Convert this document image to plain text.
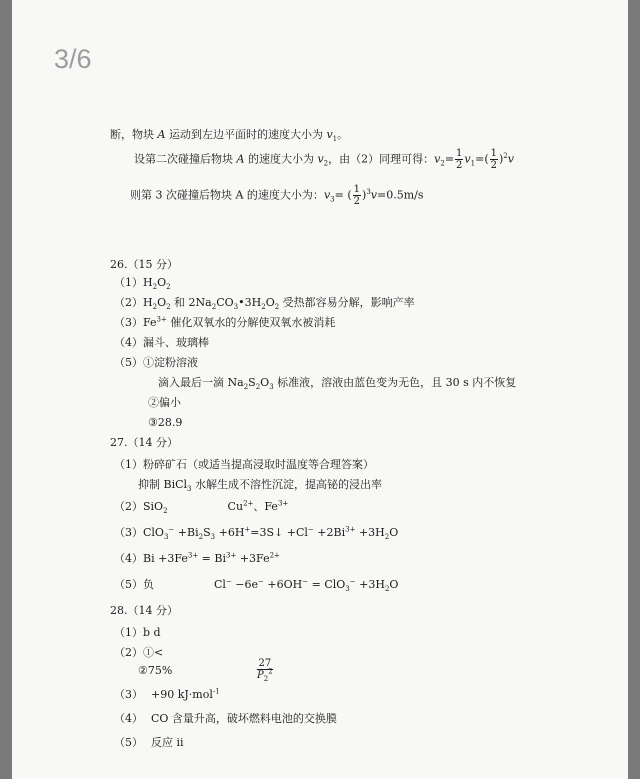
3/6
断，物块 A 运动到左边平面时的速度大小为 $v_1$。
设第二次碰撞后物块 A 的速度大小为 $v_2$，由（2）同理可得：$v_2= \frac{1}{2} v_1=( \frac{1}{2} )^2v$
则第 3 次碰撞后物块 A 的速度大小为：$v_3=$ ( $\frac{1}{2} )^3v=0.5m/s$
26.（15 分）
$(1)H_2O_2$
$(2)H_2O_2$ 和 $2Na_2CO_3•3H_2O_2$ 受热都容易分解，影响产率
$(3)Fe^{3+}$ 催化双氧水的分解使双氧水被消耗
（4）漏斗、玻璃棒
（5）①淀粉溶液
滴入最后一滴 $Na_2S_2O_3$ 标准液，溶液由蓝色变为无色，且 30 s 内不恢复
②偏小
③28.9
27.（14 分）
（1）粉碎矿石（或适当提高浸取时温度等合理答案）
抑制 BiCl$_3$ 水解生成不溶性沉淀，提高铋的浸出率
（2）SiO$_2$	$Cu^{2+}$、$Fe^{3+}$
$(3)ClO_3^- +Bi_2S_3$ +6H+=3S↓ $+Cl^- +2Bi^{3+} +3H_2O$
$(4)Bi +3Fe^{3+} = Bi^{3+} +3Fe^{2+}$
（5）负	$Cl^- -6e^- +6OH^- = ClO_3^- +3H_2O$
28.（14 分）
（1）b d
（2）①<
②75%	$\frac{27}{P_2^2}$
（3） +90 kJ·mol$^{-1}$
（4） CO 含量升高，破坏燃料电池的交换膜
（5） 反应 ii
